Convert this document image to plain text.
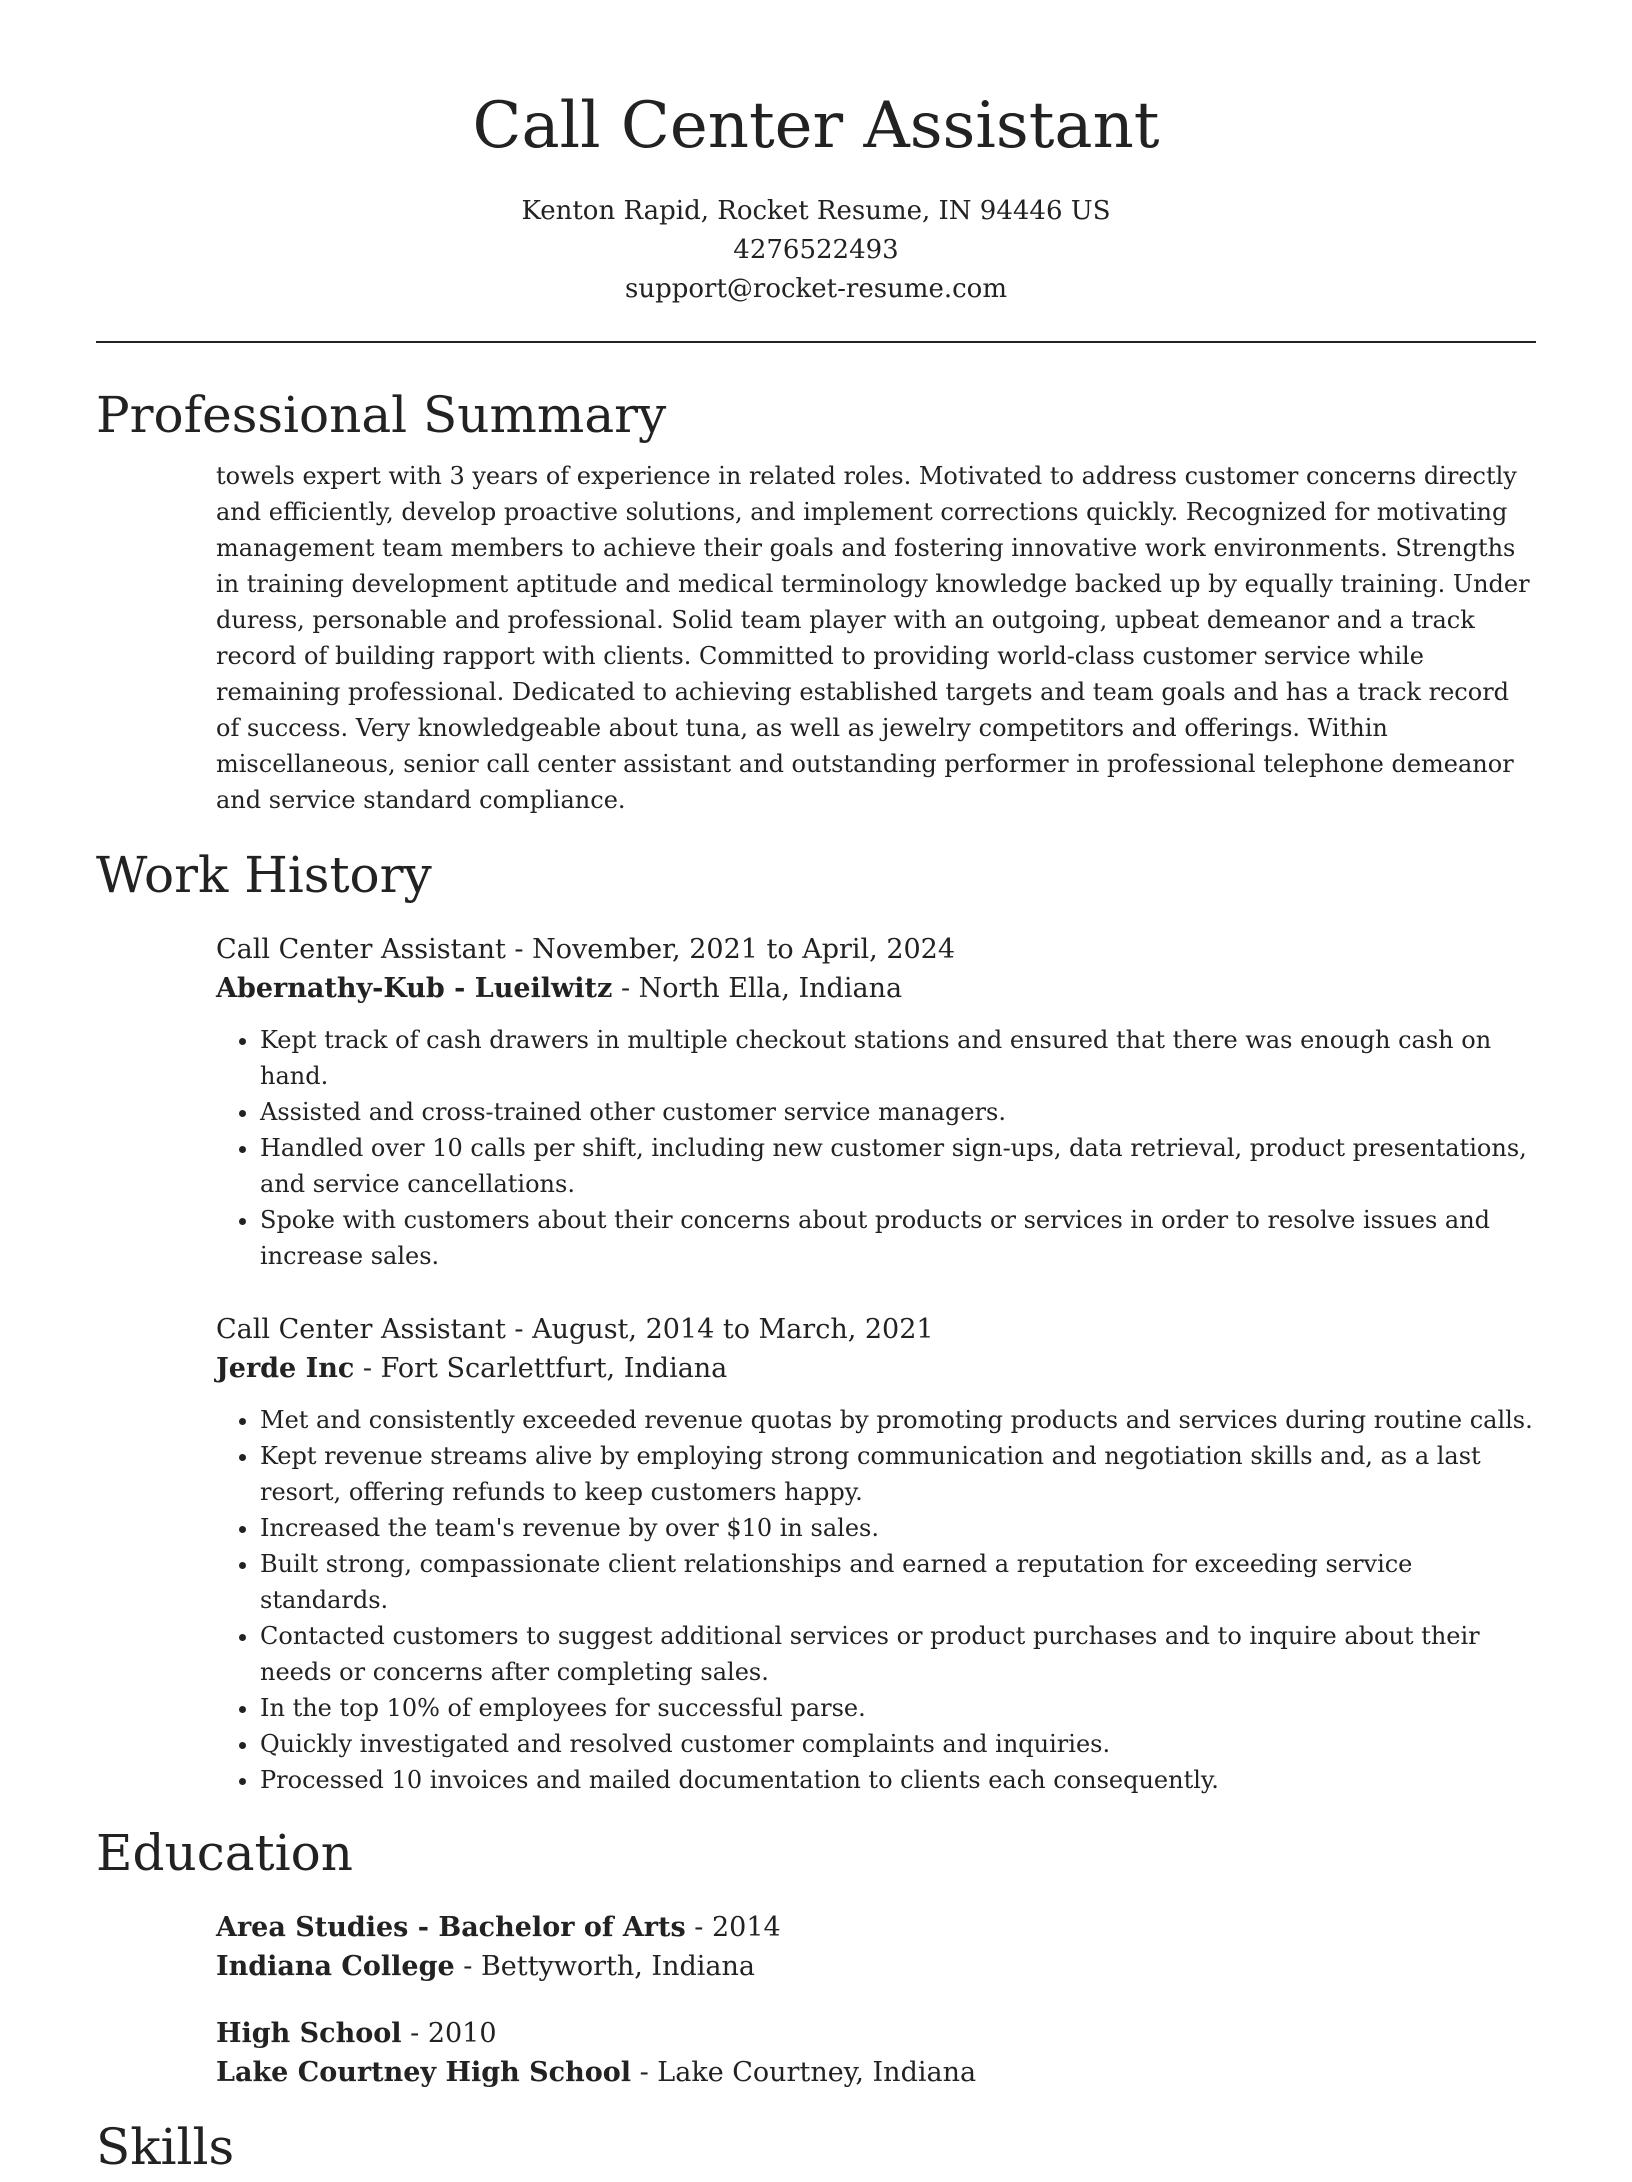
Call Center Assistant
Kenton Rapid, Rocket Resume, IN 94446 US
4276522493
support@rocket-resume.com
Professional Summary

towels expert with 3 years of experience in related roles. Motivated to address customer concerns directly and efficiently, develop proactive solutions, and implement corrections quickly. Recognized for motivating management team members to achieve their goals and fostering innovative work environments. Strengths in training development aptitude and medical terminology knowledge backed up by equally training. Under duress, personable and professional. Solid team player with an outgoing, upbeat demeanor and a track record of building rapport with clients. Committed to providing world-class customer service while remaining professional. Dedicated to achieving established targets and team goals and has a track record of success. Very knowledgeable about tuna, as well as jewelry competitors and offerings. Within miscellaneous, senior call center assistant and outstanding performer in professional telephone demeanor and service standard compliance.

Work History
Call Center Assistant - November, 2021 to April, 2024
Abernathy-Kub - Lueilwitz - North Ella, Indiana
• Kept track of cash drawers in multiple checkout stations and ensured that there was enough cash on hand.
• Assisted and cross-trained other customer service managers.
• Handled over 10 calls per shift, including new customer sign-ups, data retrieval, product presentations, and service cancellations.
• Spoke with customers about their concerns about products or services in order to resolve issues and increase sales.
Call Center Assistant - August, 2014 to March, 2021
Jerde Inc - Fort Scarlettfurt, Indiana
• Met and consistently exceeded revenue quotas by promoting products and services during routine calls.
• Kept revenue streams alive by employing strong communication and negotiation skills and, as a last resort, offering refunds to keep customers happy.
• Increased the team's revenue by over $10 in sales.
• Built strong, compassionate client relationships and earned a reputation for exceeding service standards.
• Contacted customers to suggest additional services or product purchases and to inquire about their needs or concerns after completing sales.
• In the top 10% of employees for successful parse.
• Quickly investigated and resolved customer complaints and inquiries.
• Processed 10 invoices and mailed documentation to clients each consequently.
Education
Area Studies - Bachelor of Arts - 2014
Indiana College - Bettyworth, Indiana
High School - 2010
Lake Courtney High School - Lake Courtney, Indiana
Skills
